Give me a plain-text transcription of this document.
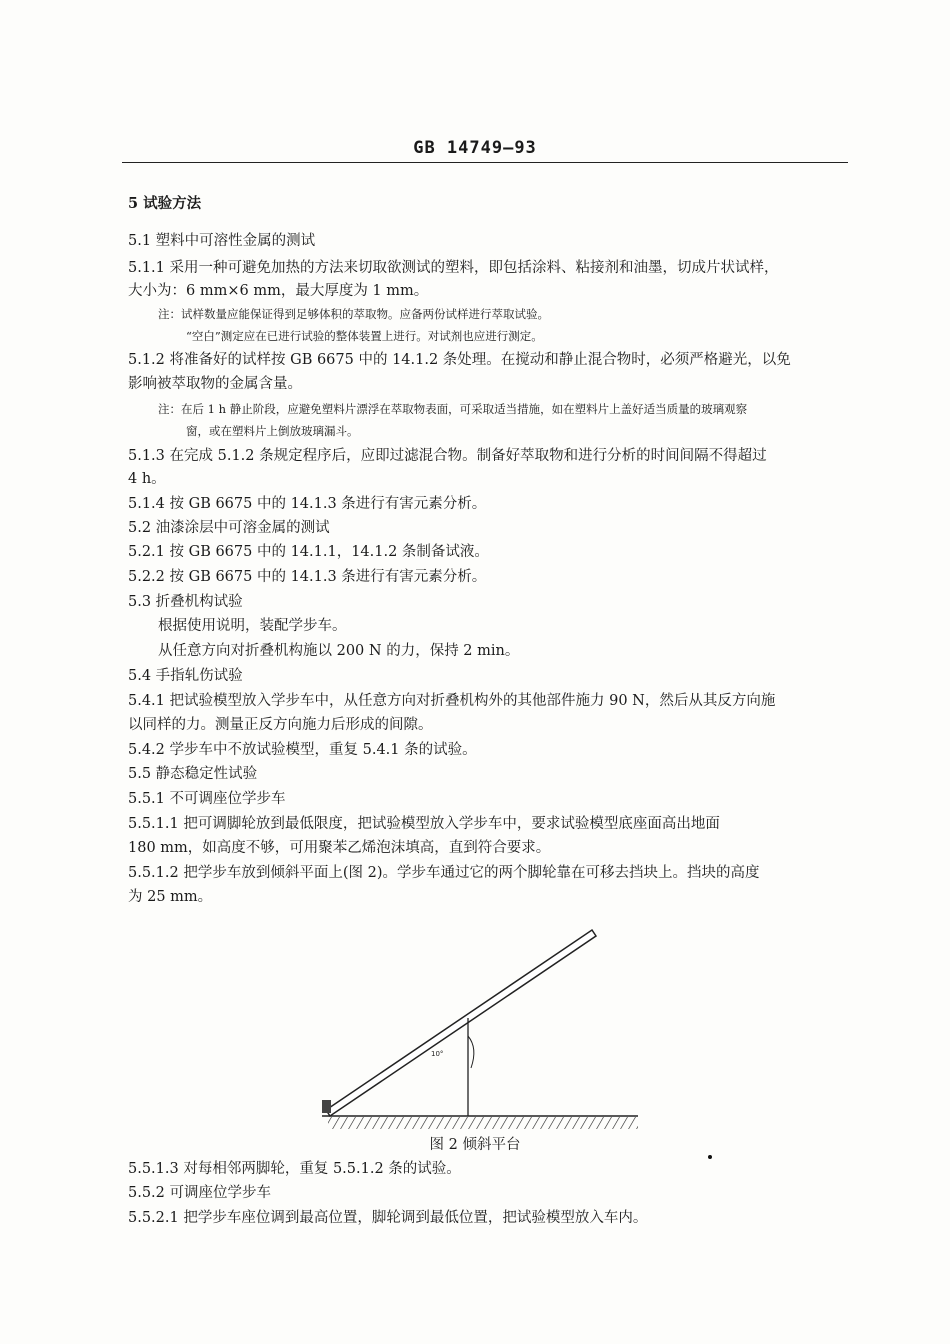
GB 14749—93
5 试验方法
5.1 塑料中可溶性金属的测试
5.1.1 采用一种可避免加热的方法来切取欲测试的塑料，即包括涂料、粘接剂和油墨，切成片状试样，
大小为：6 mm×6 mm，最大厚度为 1 mm。
注：试样数量应能保证得到足够体积的萃取物。应备两份试样进行萃取试验。
“空白”测定应在已进行试验的整体装置上进行。对试剂也应进行测定。
5.1.2 将准备好的试样按 GB 6675 中的 14.1.2 条处理。在搅动和静止混合物时，必须严格避光，以免
影响被萃取物的金属含量。
注：在后 1 h 静止阶段，应避免塑料片漂浮在萃取物表面，可采取适当措施，如在塑料片上盖好适当质量的玻璃观察
窗，或在塑料片上倒放玻璃漏斗。
5.1.3 在完成 5.1.2 条规定程序后，应即过滤混合物。制备好萃取物和进行分析的时间间隔不得超过
4 h。
5.1.4 按 GB 6675 中的 14.1.3 条进行有害元素分析。
5.2 油漆涂层中可溶金属的测试
5.2.1 按 GB 6675 中的 14.1.1，14.1.2 条制备试液。
5.2.2 按 GB 6675 中的 14.1.3 条进行有害元素分析。
5.3 折叠机构试验
根据使用说明，装配学步车。
从任意方向对折叠机构施以 200 N 的力，保持 2 min。
5.4 手指轧伤试验
5.4.1 把试验模型放入学步车中，从任意方向对折叠机构外的其他部件施力 90 N，然后从其反方向施
以同样的力。测量正反方向施力后形成的间隙。
5.4.2 学步车中不放试验模型，重复 5.4.1 条的试验。
5.5 静态稳定性试验
5.5.1 不可调座位学步车
5.5.1.1 把可调脚轮放到最低限度，把试验模型放入学步车中，要求试验模型底座面高出地面
180 mm，如高度不够，可用聚苯乙烯泡沫填高，直到符合要求。
5.5.1.2 把学步车放到倾斜平面上(图 2)。学步车通过它的两个脚轮靠在可移去挡块上。挡块的高度
为 25 mm。
10°
图 2 倾斜平台
5.5.1.3 对每相邻两脚轮，重复 5.5.1.2 条的试验。
5.5.2 可调座位学步车
5.5.2.1 把学步车座位调到最高位置，脚轮调到最低位置，把试验模型放入车内。
